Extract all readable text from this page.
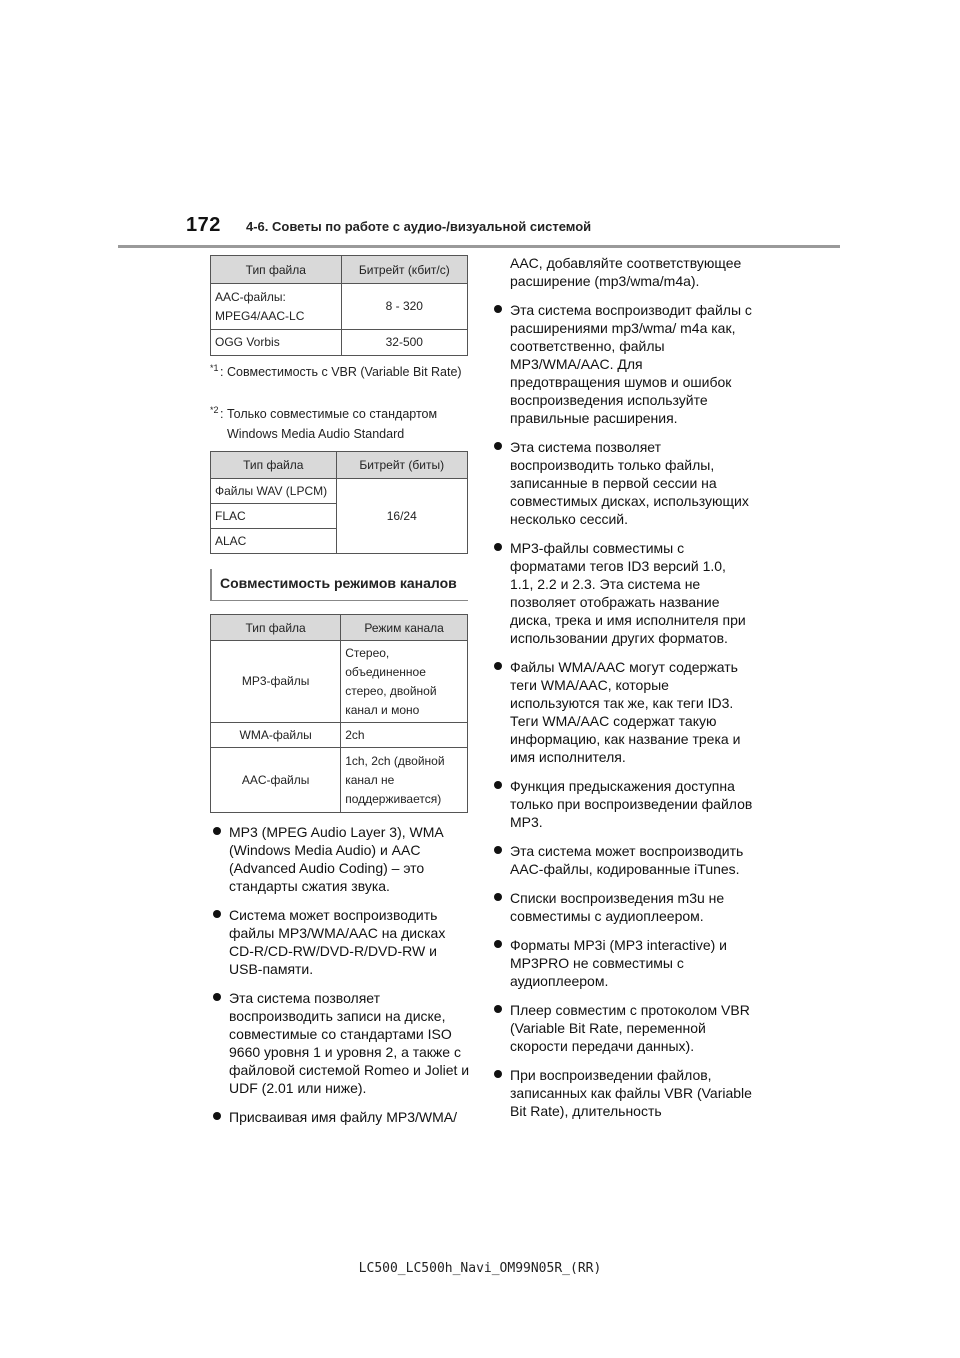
172 4-6. Советы по работе с аудио-/визуальной системой
Тип файла	Битрейт (кбит/с)

AAC-файлы:
MPEG4/AAC-LC	8 - 320
OGG Vorbis	32-500
*1 : Совместимость с VBR (Variable Bit Rate)
*2 : Только совместимые со стандартом Windows Media Audio Standard
Тип файла	Битрейт (биты)
Файлы WAV (LPCM)	16/24
FLAC	
ALAC	
Совместимость режимов каналов
Тип файла	Режим канала
MP3-файлы	Стерео,
объединенное
стерео, двойной
канал и моно

WMA-файлы	2ch

AAC-файлы	1ch, 2ch (двойной
канал не
поддерживается)
MP3 (MPEG Audio Layer 3), WMA (Windows Media Audio) и AAC (Advanced Audio Coding) – это стандарты сжатия звука.
Система может воспроизводить файлы MP3/WMA/AAC на дисках CD-R/CD-RW/DVD-R/DVD-RW и USB-памяти.
Эта система позволяет воспроизводить записи на диске, совместимые со стандартами ISO 9660 уровня 1 и уровня 2, а также с файловой системой Romeo и Joliet и UDF (2.01 или ниже).
Присваивая имя файлу MP3/WMA/
AAC, добавляйте соответствующее расширение (mp3/wma/m4a).
Эта система воспроизводит файлы с расширениями mp3/wma/ m4a как, соответственно, файлы MP3/WMA/AAC. Для предотвращения шумов и ошибок воспроизведения используйте правильные расширения.
Эта система позволяет воспроизводить только файлы, записанные в первой сессии на совместимых дисках, использующих несколько сессий.
MP3-файлы совместимы с форматами тегов ID3 версий 1.0, 1.1, 2.2 и 2.3. Эта система не позволяет отображать название диска, трека и имя исполнителя при использовании других форматов.
Файлы WMA/AAC могут содержать теги WMA/AAC, которые используются так же, как теги ID3. Теги WMA/AAC содержат такую информацию, как название трека и имя исполнителя.
Функция предыскажения доступна только при воспроизведении файлов MP3.
Эта система может воспроизводить AAC-файлы, кодированные iTunes.
Списки воспроизведения m3u не совместимы с аудиоплеером.
Форматы MP3i (MP3 interactive) и MP3PRO не совместимы с аудиоплеером.
Плеер совместим с протоколом VBR (Variable Bit Rate, переменной скорости передачи данных).
При воспроизведении файлов, записанных как файлы VBR (Variable Bit Rate), длительность
LC500_LC500h_Navi_OM99N05R_(RR)
